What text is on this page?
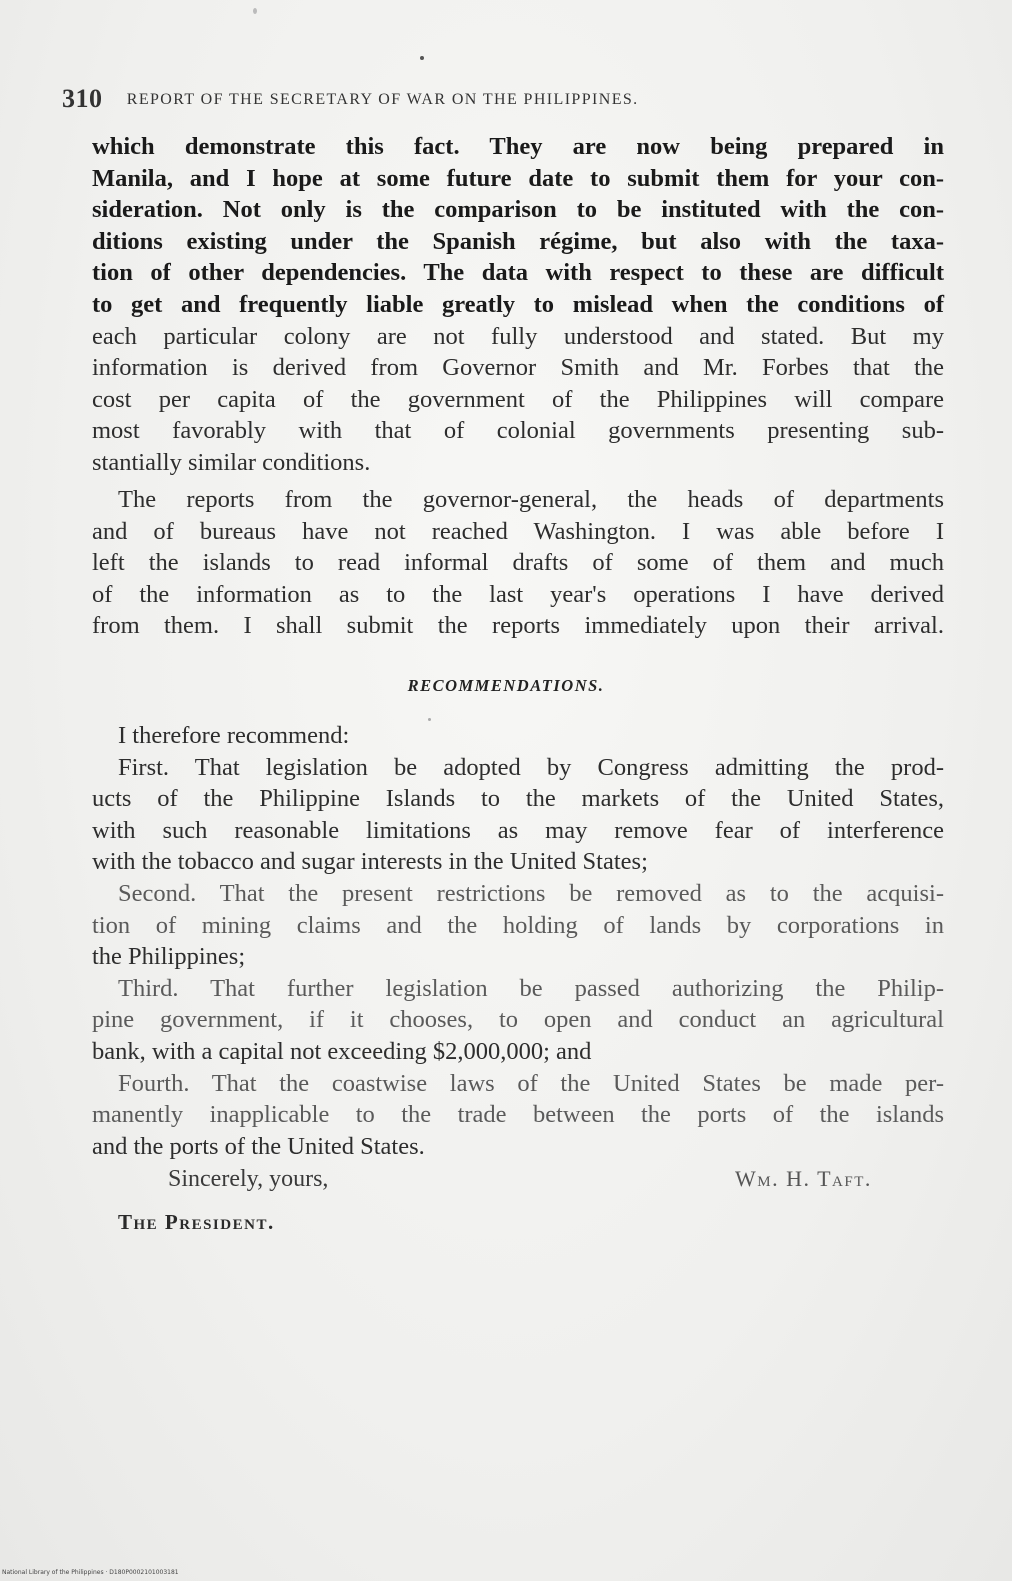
310 REPORT OF THE SECRETARY OF WAR ON THE PHILIPPINES.
which demonstrate this fact. They are now being prepared in
Manila, and I hope at some future date to submit them for your con-
sideration. Not only is the comparison to be instituted with the con-
ditions existing under the Spanish régime, but also with the taxa-
tion of other dependencies. The data with respect to these are difficult
to get and frequently liable greatly to mislead when the conditions of
each particular colony are not fully understood and stated. But my
information is derived from Governor Smith and Mr. Forbes that the
cost per capita of the government of the Philippines will compare
most favorably with that of colonial governments presenting sub-
stantially similar conditions.
The reports from the governor-general, the heads of departments
and of bureaus have not reached Washington. I was able before I
left the islands to read informal drafts of some of them and much
of the information as to the last year's operations I have derived
from them. I shall submit the reports immediately upon their arrival.
RECOMMENDATIONS.
I therefore recommend:
First. That legislation be adopted by Congress admitting the prod-
ucts of the Philippine Islands to the markets of the United States,
with such reasonable limitations as may remove fear of interference
with the tobacco and sugar interests in the United States;
Second. That the present restrictions be removed as to the acquisi-
tion of mining claims and the holding of lands by corporations in
the Philippines;
Third. That further legislation be passed authorizing the Philip-
pine government, if it chooses, to open and conduct an agricultural
bank, with a capital not exceeding $2,000,000; and
Fourth. That the coastwise laws of the United States be made per-
manently inapplicable to the trade between the ports of the islands
and the ports of the United States.
Sincerely, yours,	Wm. H. Taft.
The President.
National Library of the Philippines · D180P0002101003181
